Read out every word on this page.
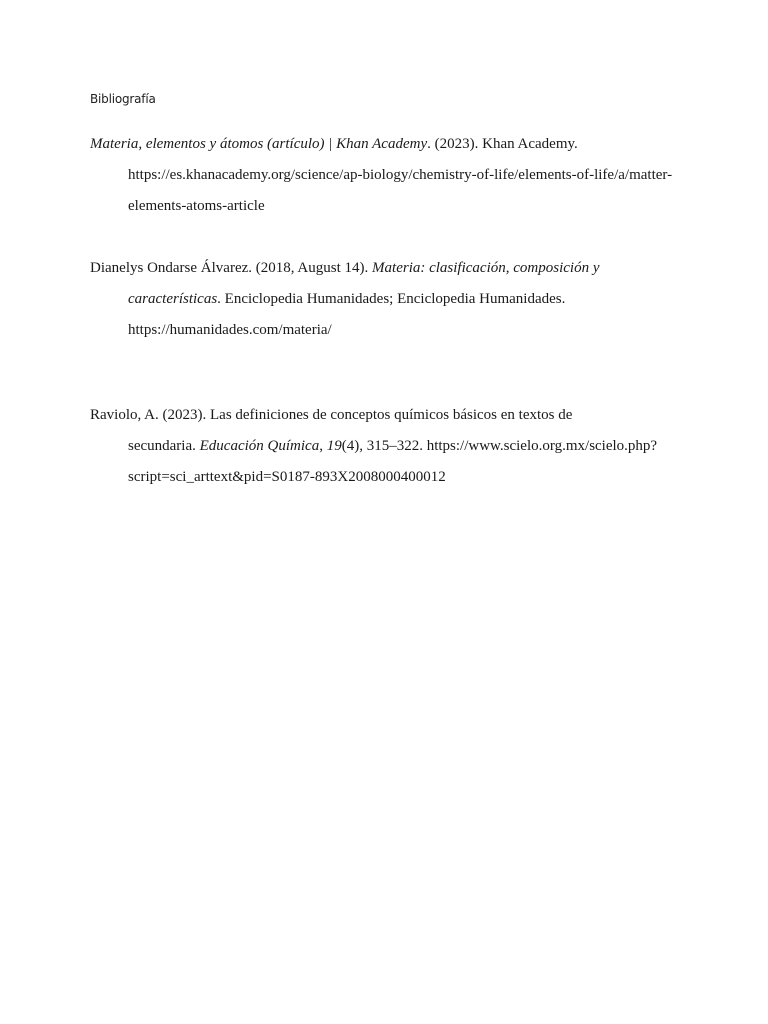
Bibliografía
Materia, elementos y átomos (artículo) | Khan Academy. (2023). Khan Academy.
https://es.khanacademy.org/science/ap-biology/chemistry-of-life/elements-of-life/a/matter-
elements-atoms-article
Dianelys Ondarse Álvarez. (2018, August 14). Materia: clasificación, composición y
características. Enciclopedia Humanidades; Enciclopedia Humanidades.
https://humanidades.com/materia/
Raviolo, A. (2023). Las definiciones de conceptos químicos básicos en textos de
secundaria. Educación Química, 19(4), 315–322. https://www.scielo.org.mx/scielo.php?
script=sci_arttext&pid=S0187-893X2008000400012
